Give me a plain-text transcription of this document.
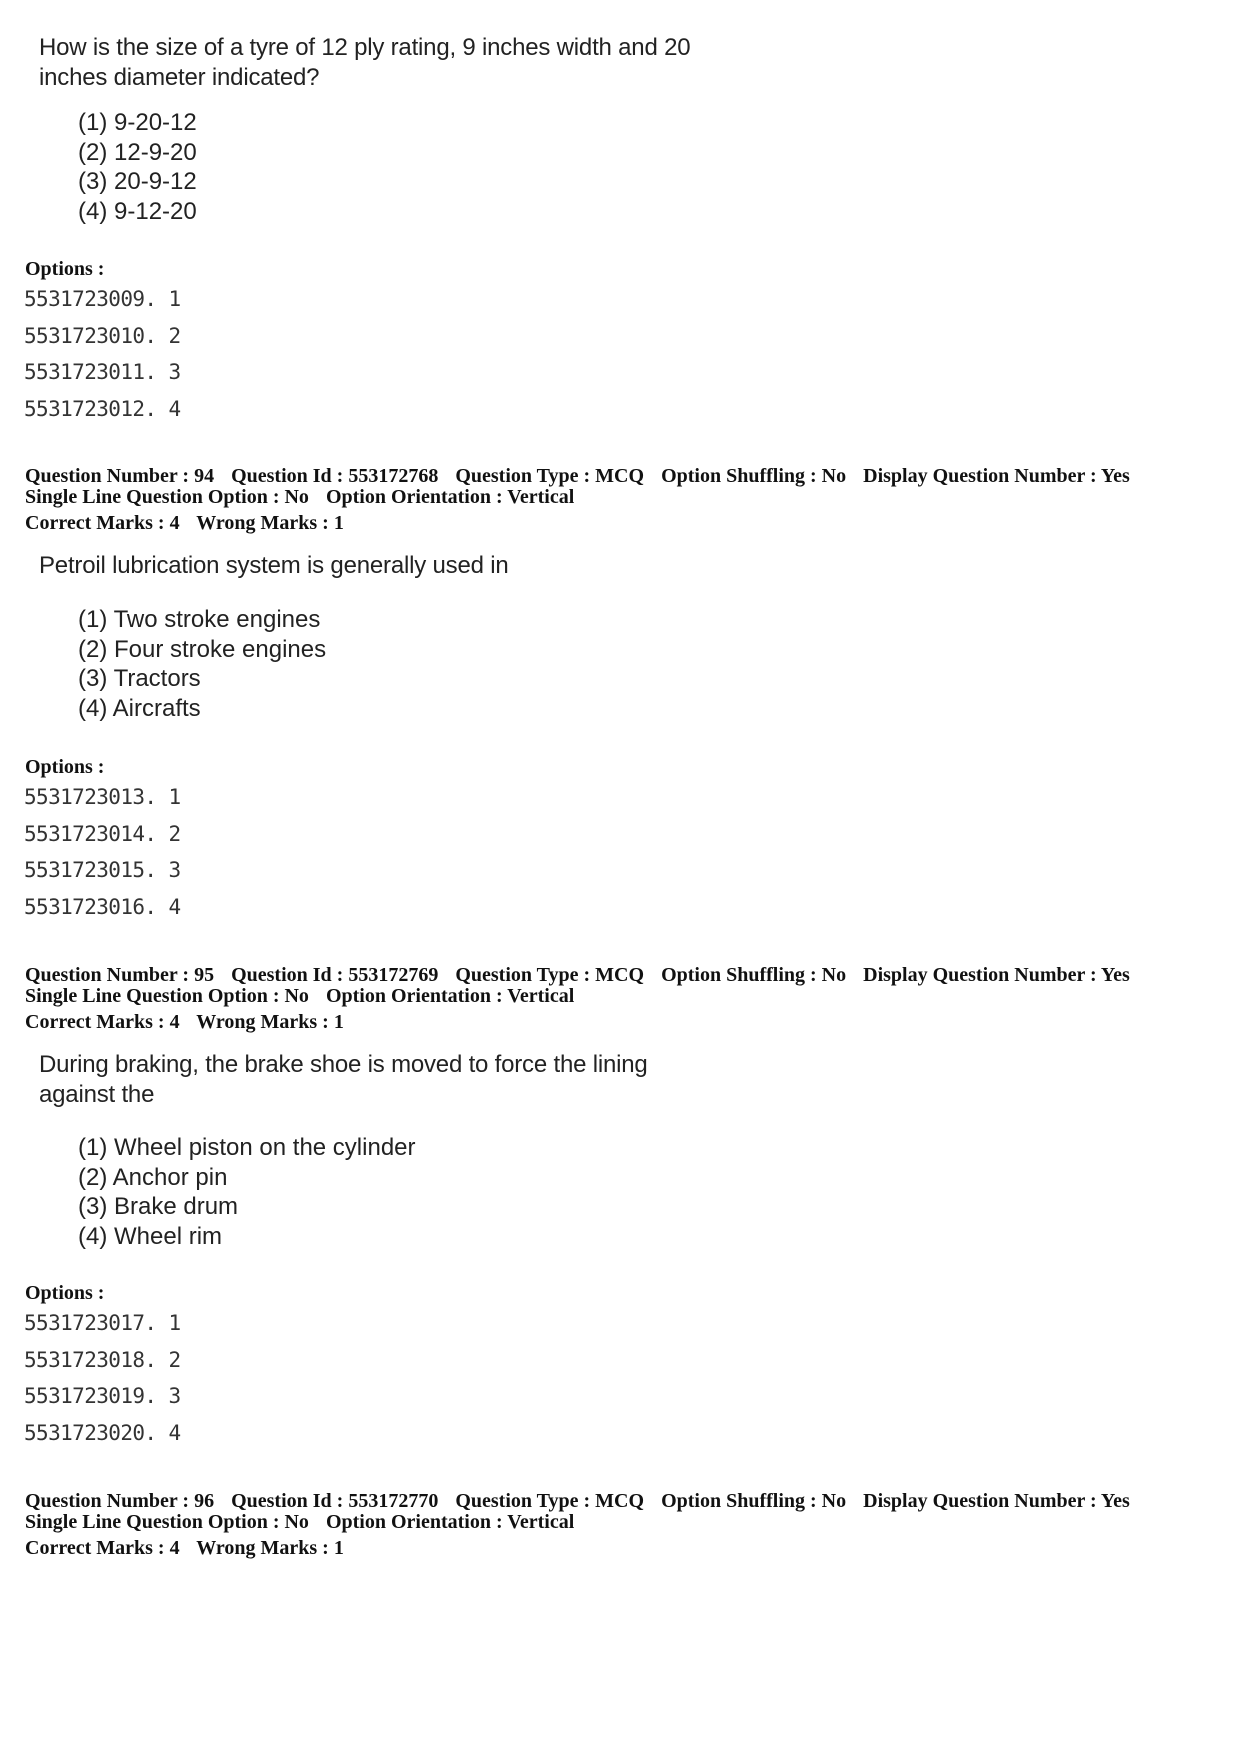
How is the size of a tyre of 12 ply rating, 9 inches width and 20
inches diameter indicated?
(1) 9-20-12
(2) 12-9-20
(3) 20-9-12
(4) 9-12-20
Options :
5531723009. 1
5531723010. 2
5531723011. 3
5531723012. 4
Question Number : 94 Question Id : 553172768 Question Type : MCQ Option Shuffling : No Display Question Number : Yes
Single Line Question Option : No Option Orientation : Vertical
Correct Marks : 4 Wrong Marks : 1
Petroil lubrication system is generally used in
(1) Two stroke engines
(2) Four stroke engines
(3) Tractors
(4) Aircrafts
Options :
5531723013. 1
5531723014. 2
5531723015. 3
5531723016. 4
Question Number : 95 Question Id : 553172769 Question Type : MCQ Option Shuffling : No Display Question Number : Yes
Single Line Question Option : No Option Orientation : Vertical
Correct Marks : 4 Wrong Marks : 1
During braking, the brake shoe is moved to force the lining
against the
(1) Wheel piston on the cylinder
(2) Anchor pin
(3) Brake drum
(4) Wheel rim
Options :
5531723017. 1
5531723018. 2
5531723019. 3
5531723020. 4
Question Number : 96 Question Id : 553172770 Question Type : MCQ Option Shuffling : No Display Question Number : Yes
Single Line Question Option : No Option Orientation : Vertical
Correct Marks : 4 Wrong Marks : 1
